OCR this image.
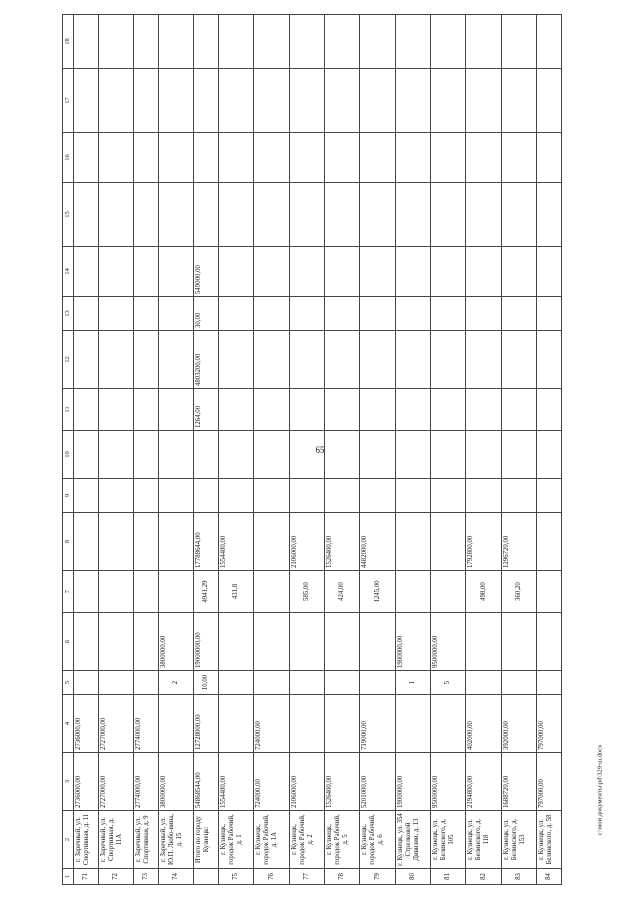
65
1	2	3	4	5	6	7	8	9	10	11	12	13	14	15	16	17	18
71	г. Заречный, ул. Спортивная, д. 11	2736000,00	2736000,00														
72	г. Заречный, ул. Спортивная, д. 11А	2727000,00	2727000,00														
73	г. Заречный, ул. Спортивная, д. 9	2774000,00	2774000,00														
74	г. Заречный, ул. Ю.П. Любо-вина, д. 15	3800000,00		2	3800000,00												
	Итого по городу Кузнецк:	54868544,00	12728000,00	10,00	19000000,00	4941,29	17788644,00			1264,00	4803200,00	30,00	549000,00				
75	г. Кузнецк, городок Рабочий, д. 1	1554480,00				431,8	1554480,00										
76	г. Кузнецк, городок Рабочий, д. 1А	724000,00	724000,00														
77	г. Кузнецк, городок Рабочий, д. 2	2106000,00				585,00	2106000,00										
78	г. Кузнецк, городок Рабочий, д. 5	1526400,00				424,00	1526400,00										
79	г. Кузнецк, городок Рабочий, д. 6	5201000,00	719000,00			1245,00	4482000,00										
80	г. Кузнецк, ул. 354 Стрелковой Дивизии, д. 13	1900000,00		1	1900000,00												
81	г. Кузнецк, ул. Белинского, д. 105	9500000,00		5	9500000,00												
82	г. Кузнецк, ул. Белинского, д. 118	2194800,00	402000,00			498,00	1792800,00										
83	г. Кузнецк, ул. Белинского, д. 153	1688720,00	392000,00			360,20	1296720,00										
84	г. Кузнецк, ул. Белинского, д. 58	797000,00	797000,00														
c:\мои документы\pd\329-ш.docx
